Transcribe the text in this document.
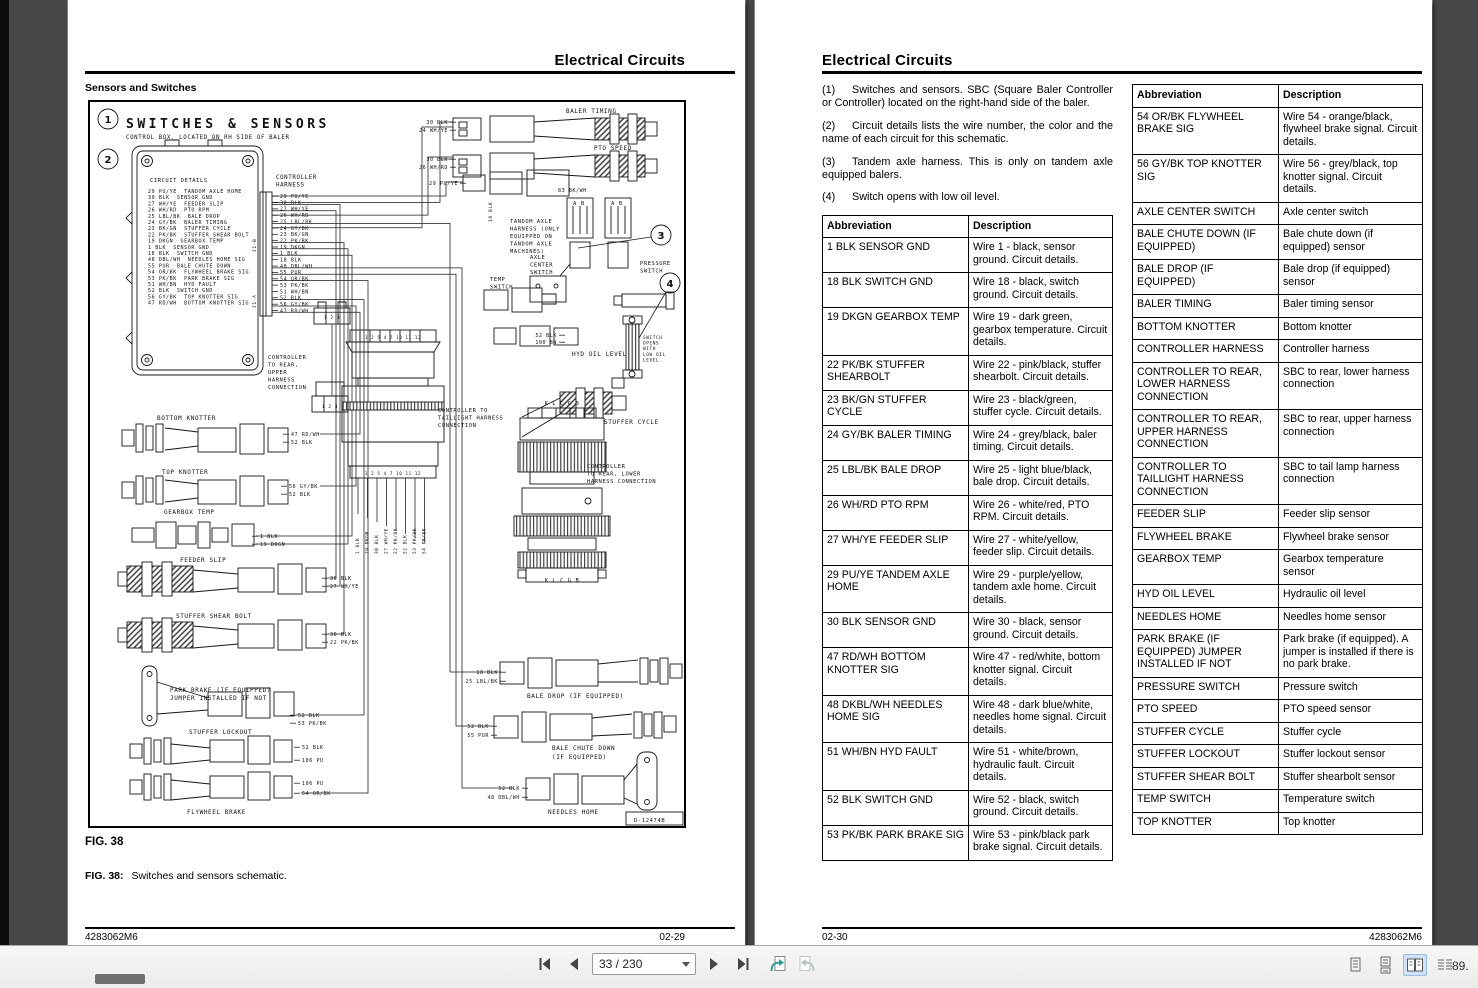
Electrical Circuits
Sensors and Switches
SWITCHES & SENSORS
CONTROL BOX. LOCATED ON RH SIDE OF BALER
1
2
3
4
CIRCUIT DETAILS
29 PU/YE  TANDOM AXLE HOME
30 BLK  SENSOR GND
27 WH/YE  FEEDER SLIP
26 WH/RD  PTO RPM
25 LBL/BK  BALE DROP
24 GY/BK  BALER TIMING
23 BK/GN  STUFFER CYCLE
22 PK/BK  STUFFER SHEAR BOLT
19 DKGN  GEARBOX TEMP
1 BLK  SENSOR GND
18 BLK  SWITCH GND
48 DBL/WH  NEEDLES HOME SIG
55 PUR  BALE CHUTE DOWN
54 OR/BK  FLYWHEEL BRAKE SIG
53 PK/BK  PARK BRAKE SIG
51 WH/BN  HYD FAULT
52 BLK  SWITCH GND
56 GY/BK  TOP KNOTTER SIG
47 RD/WH  BOTTOM KNOTTER SIG
CONTROLLER
HARNESS
29 PU/YE
30 BLK
27 WH/YE
26 WH/RD
25 LBL/BK
24 GY/BK
23 BK/GN
22 PK/BK
19 DKGN
1 BLK
18 BLK
48 DBL/WH
55 PUR
54 OR/BK
53 PK/BK
51 WH/BN
52 BLK
56 GY/BK
47 RD/WH
J1-B
J1-A
BALER TIMING
30 BLK
24 WH/YE
PTO SPEED
30 BLK
26 WH/RD
29 PU/YE
18 BLK
83 BK/WH
A B	A B
TANDOM AXLE
HARNESS (ONLY
EQUIPPED ON
TANDOM AXLE
MACHINES)
AXLE
CENTER
SWITCH
PRESSURE
SWITCH
TEMP
SWITCH
52 BLK
100 BN
HYD OIL LEVEL
SWITCH
OPENS
WITH
LOW OIL
LEVEL
STUFFER CYCLE
K L C G B
CONTROLLER TO
TAILLIGHT HARNESS
CONNECTION
CONTROLLER
TO REAR,
UPPER
HARNESS
CONNECTION
1 2 3
1 2 3
1 2 5 4 7 10 11 12
1 2 5 4 7 10 11 12
1 BLK 19 DKGN 30 BLK 27 WH/YE 22 PK/BK 52 BLK 53 PK/BK 54 OR/BK
CONTROLLER
TO REAR, LOWER
HARNESS CONNECTION
K L C G B
BOTTOM KNOTTER
47 RD/WH
52 BLK
TOP KNOTTER
56 GY/BK
52 BLK
GEARBOX TEMP
1 BLK
19 DKGN
FEEDER SLIP
30 BLK
27 WH/YE
STUFFER SHEAR BOLT
30 BLK
22 PK/BK
PARK BRAKE (IF EQUIPPED)
JUMPER INSTALLED IF NOT
52 BLK
53 PK/BK
STUFFER LOCKOUT
52 BLK
106 PU
FLYWHEEL BRAKE
106 PU
54 OR/BK
18 BLK
25 LBL/BK
BALE DROP (IF EQUIPPED)
52 BLK
55 PUR
BALE CHUTE DOWN
(IF EQUIPPED)
52 BLK
48 DBL/WH
NEEDLES HOME
D-12474B
FIG. 38
FIG. 38: Switches and sensors schematic.
4283062M6	02-29
Electrical Circuits

(1) Switches and sensors. SBC (Square Baler Controller or Controller) located on the right-hand side of the baler.

(2) Circuit details lists the wire number, the color and the name of each circuit for this schematic.

(3) Tandem axle harness. This is only on tandem axle equipped balers.

(4) Switch opens with low oil level.

Abbreviation	Description
1 BLK SENSOR GND	Wire 1 - black, sensor ground. Circuit details.
18 BLK SWITCH GND	Wire 18 - black, switch ground. Circuit details.
19 DKGN GEARBOX TEMP	Wire 19 - dark green, gearbox temperature. Circuit details.
22 PK/BK STUFFER SHEARBOLT	Wire 22 - pink/black, stuffer shearbolt. Circuit details.
23 BK/GN STUFFER CYCLE	Wire 23 - black/green, stuffer cycle. Circuit details.
24 GY/BK BALER TIMING	Wire 24 - grey/black, baler timing. Circuit details.
25 LBL/BK BALE DROP	Wire 25 - light blue/black, bale drop. Circuit details.
26 WH/RD PTO RPM	Wire 26 - white/red, PTO RPM. Circuit details.
27 WH/YE FEEDER SLIP	Wire 27 - white/yellow, feeder slip. Circuit details.
29 PU/YE TANDEM AXLE HOME	Wire 29 - purple/yellow, tandem axle home. Circuit details.
30 BLK SENSOR GND	Wire 30 - black, sensor ground. Circuit details.
47 RD/WH BOTTOM KNOTTER SIG	Wire 47 - red/white, bottom knotter signal. Circuit details.
48 DKBL/WH NEEDLES HOME SIG	Wire 48 - dark blue/white, needles home signal. Circuit details.
51 WH/BN HYD FAULT	Wire 51 - white/brown, hydraulic fault. Circuit details.
52 BLK SWITCH GND	Wire 52 - black, switch ground. Circuit details.
53 PK/BK PARK BRAKE SIG	Wire 53 - pink/black park brake signal. Circuit details.
Abbreviation	Description
54 OR/BK FLYWHEEL BRAKE SIG	Wire 54 - orange/black, flywheel brake signal. Circuit details.
56 GY/BK TOP KNOTTER SIG	Wire 56 - grey/black, top knotter signal. Circuit details.
AXLE CENTER SWITCH	Axle center switch
BALE CHUTE DOWN (IF EQUIPPED)	Bale chute down (if equipped) sensor
BALE DROP (IF EQUIPPED)	Bale drop (if equipped) sensor
BALER TIMING	Baler timing sensor
BOTTOM KNOTTER	Bottom knotter
CONTROLLER HARNESS	Controller harness
CONTROLLER TO REAR, LOWER HARNESS CONNECTION	SBC to rear, lower harness connection
CONTROLLER TO REAR, UPPER HARNESS CONNECTION	SBC to rear, upper harness connection
CONTROLLER TO TAILLIGHT HARNESS CONNECTION	SBC to tail lamp harness connection
FEEDER SLIP	Feeder slip sensor
FLYWHEEL BRAKE	Flywheel brake sensor
GEARBOX TEMP	Gearbox temperature sensor
HYD OIL LEVEL	Hydraulic oil level
NEEDLES HOME	Needles home sensor
PARK BRAKE (IF EQUIPPED) JUMPER INSTALLED IF NOT	Park brake (if equipped). A jumper is installed if there is no park brake.
PRESSURE SWITCH	Pressure switch
PTO SPEED	PTO speed sensor
STUFFER CYCLE	Stuffer cycle
STUFFER LOCKOUT	Stuffer lockout sensor
STUFFER SHEAR BOLT	Stuffer shearbolt sensor
TEMP SWITCH	Temperature switch
TOP KNOTTER	Top knotter
02-30	4283062M6
33 / 230	89.
